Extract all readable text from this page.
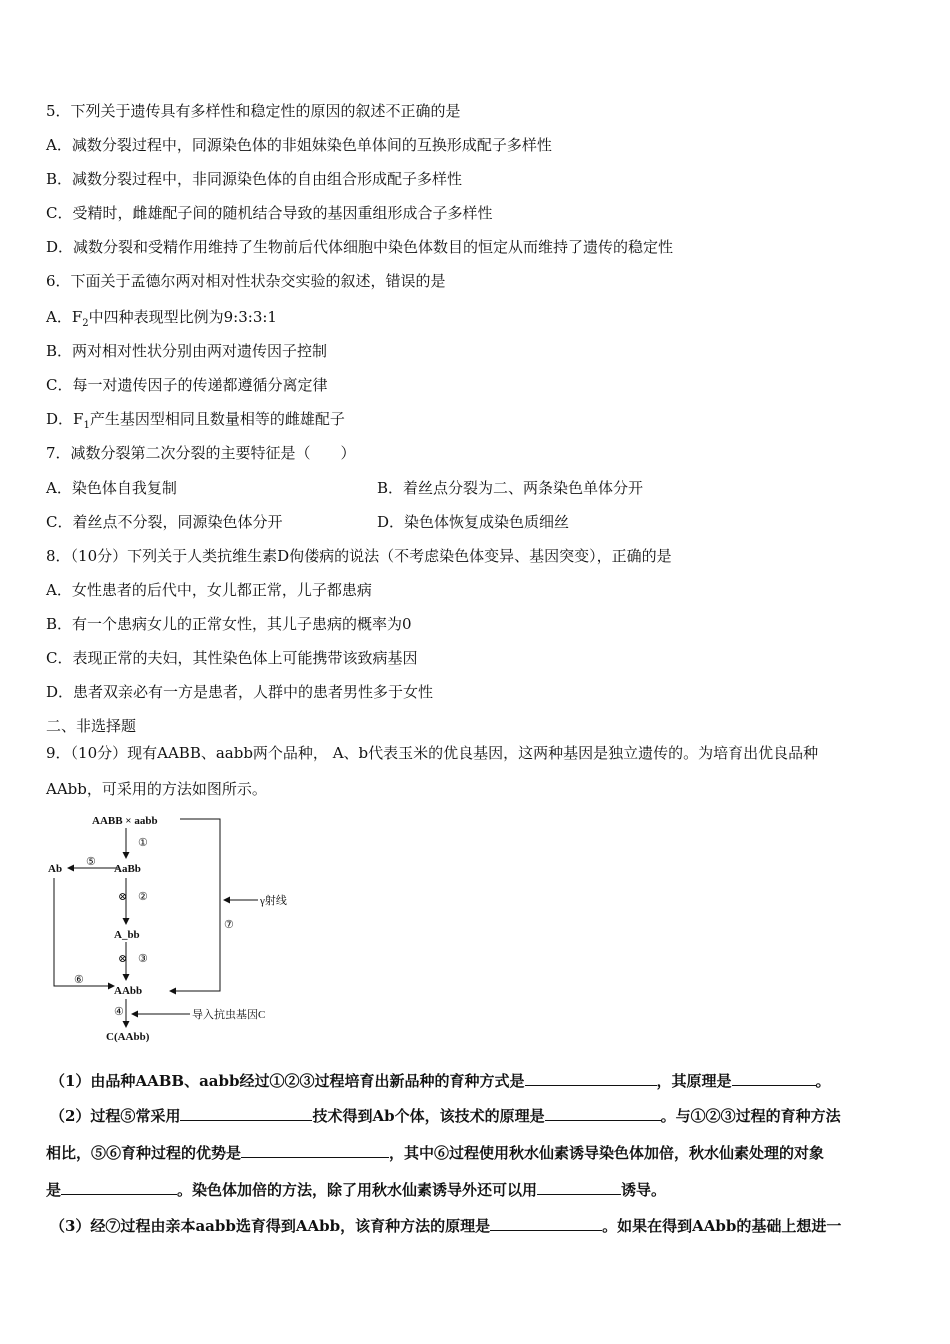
5．下列关于遗传具有多样性和稳定性的原因的叙述不正确的是
A．减数分裂过程中，同源染色体的非姐妹染色单体间的互换形成配子多样性
B．减数分裂过程中，非同源染色体的自由组合形成配子多样性
C．受精时，雌雄配子间的随机结合导致的基因重组形成合子多样性
D．减数分裂和受精作用维持了生物前后代体细胞中染色体数目的恒定从而维持了遗传的稳定性
6．下面关于孟德尔两对相对性状杂交实验的叙述，错误的是
A．$F_2$中四种表现型比例为9:3:3:1
B．两对相对性状分别由两对遗传因子控制
C．每一对遗传因子的传递都遵循分离定律
D．$F_1$产生基因型相同且数量相等的雌雄配子
7．减数分裂第二次分裂的主要特征是（　　）
A．染色体自我复制	B．着丝点分裂为二、两条染色单体分开
C．着丝点不分裂，同源染色体分开	D．染色体恢复成染色质细丝
8．（10分）下列关于人类抗维生素D佝偻病的说法（不考虑染色体变异、基因突变），正确的是
A．女性患者的后代中，女儿都正常，儿子都患病
B．有一个患病女儿的正常女性，其儿子患病的概率为0
C．表现正常的夫妇，其性染色体上可能携带该致病基因
D．患者双亲必有一方是患者，人群中的患者男性多于女性
二、非选择题
9．（10分）现有AABB、aabb两个品种， A、b代表玉米的优良基因，这两种基因是独立遗传的。为培育出优良品种
AAbb，可采用的方法如图所示。
AABB × aabb
①
AaBb
⑤
Ab
⑥
⊗ ②
A_bb
⊗ ③
AAbb
⑦
γ射线
④	导入抗虫基因C
C(AAbb)
（1）由品种AABB、aabb经过①②③过程培育出新品种的育种方式是	，其原理是	。
（2）过程⑤常采用	技术得到Ab个体，该技术的原理是	。与①②③过程的育种方法
相比，⑤⑥育种过程的优势是	，其中⑥过程使用秋水仙素诱导染色体加倍，秋水仙素处理的对象
是	。染色体加倍的方法，除了用秋水仙素诱导外还可以用	诱导。
（3）经⑦过程由亲本aabb选育得到AAbb，该育种方法的原理是	。如果在得到AAbb的基础上想进一
